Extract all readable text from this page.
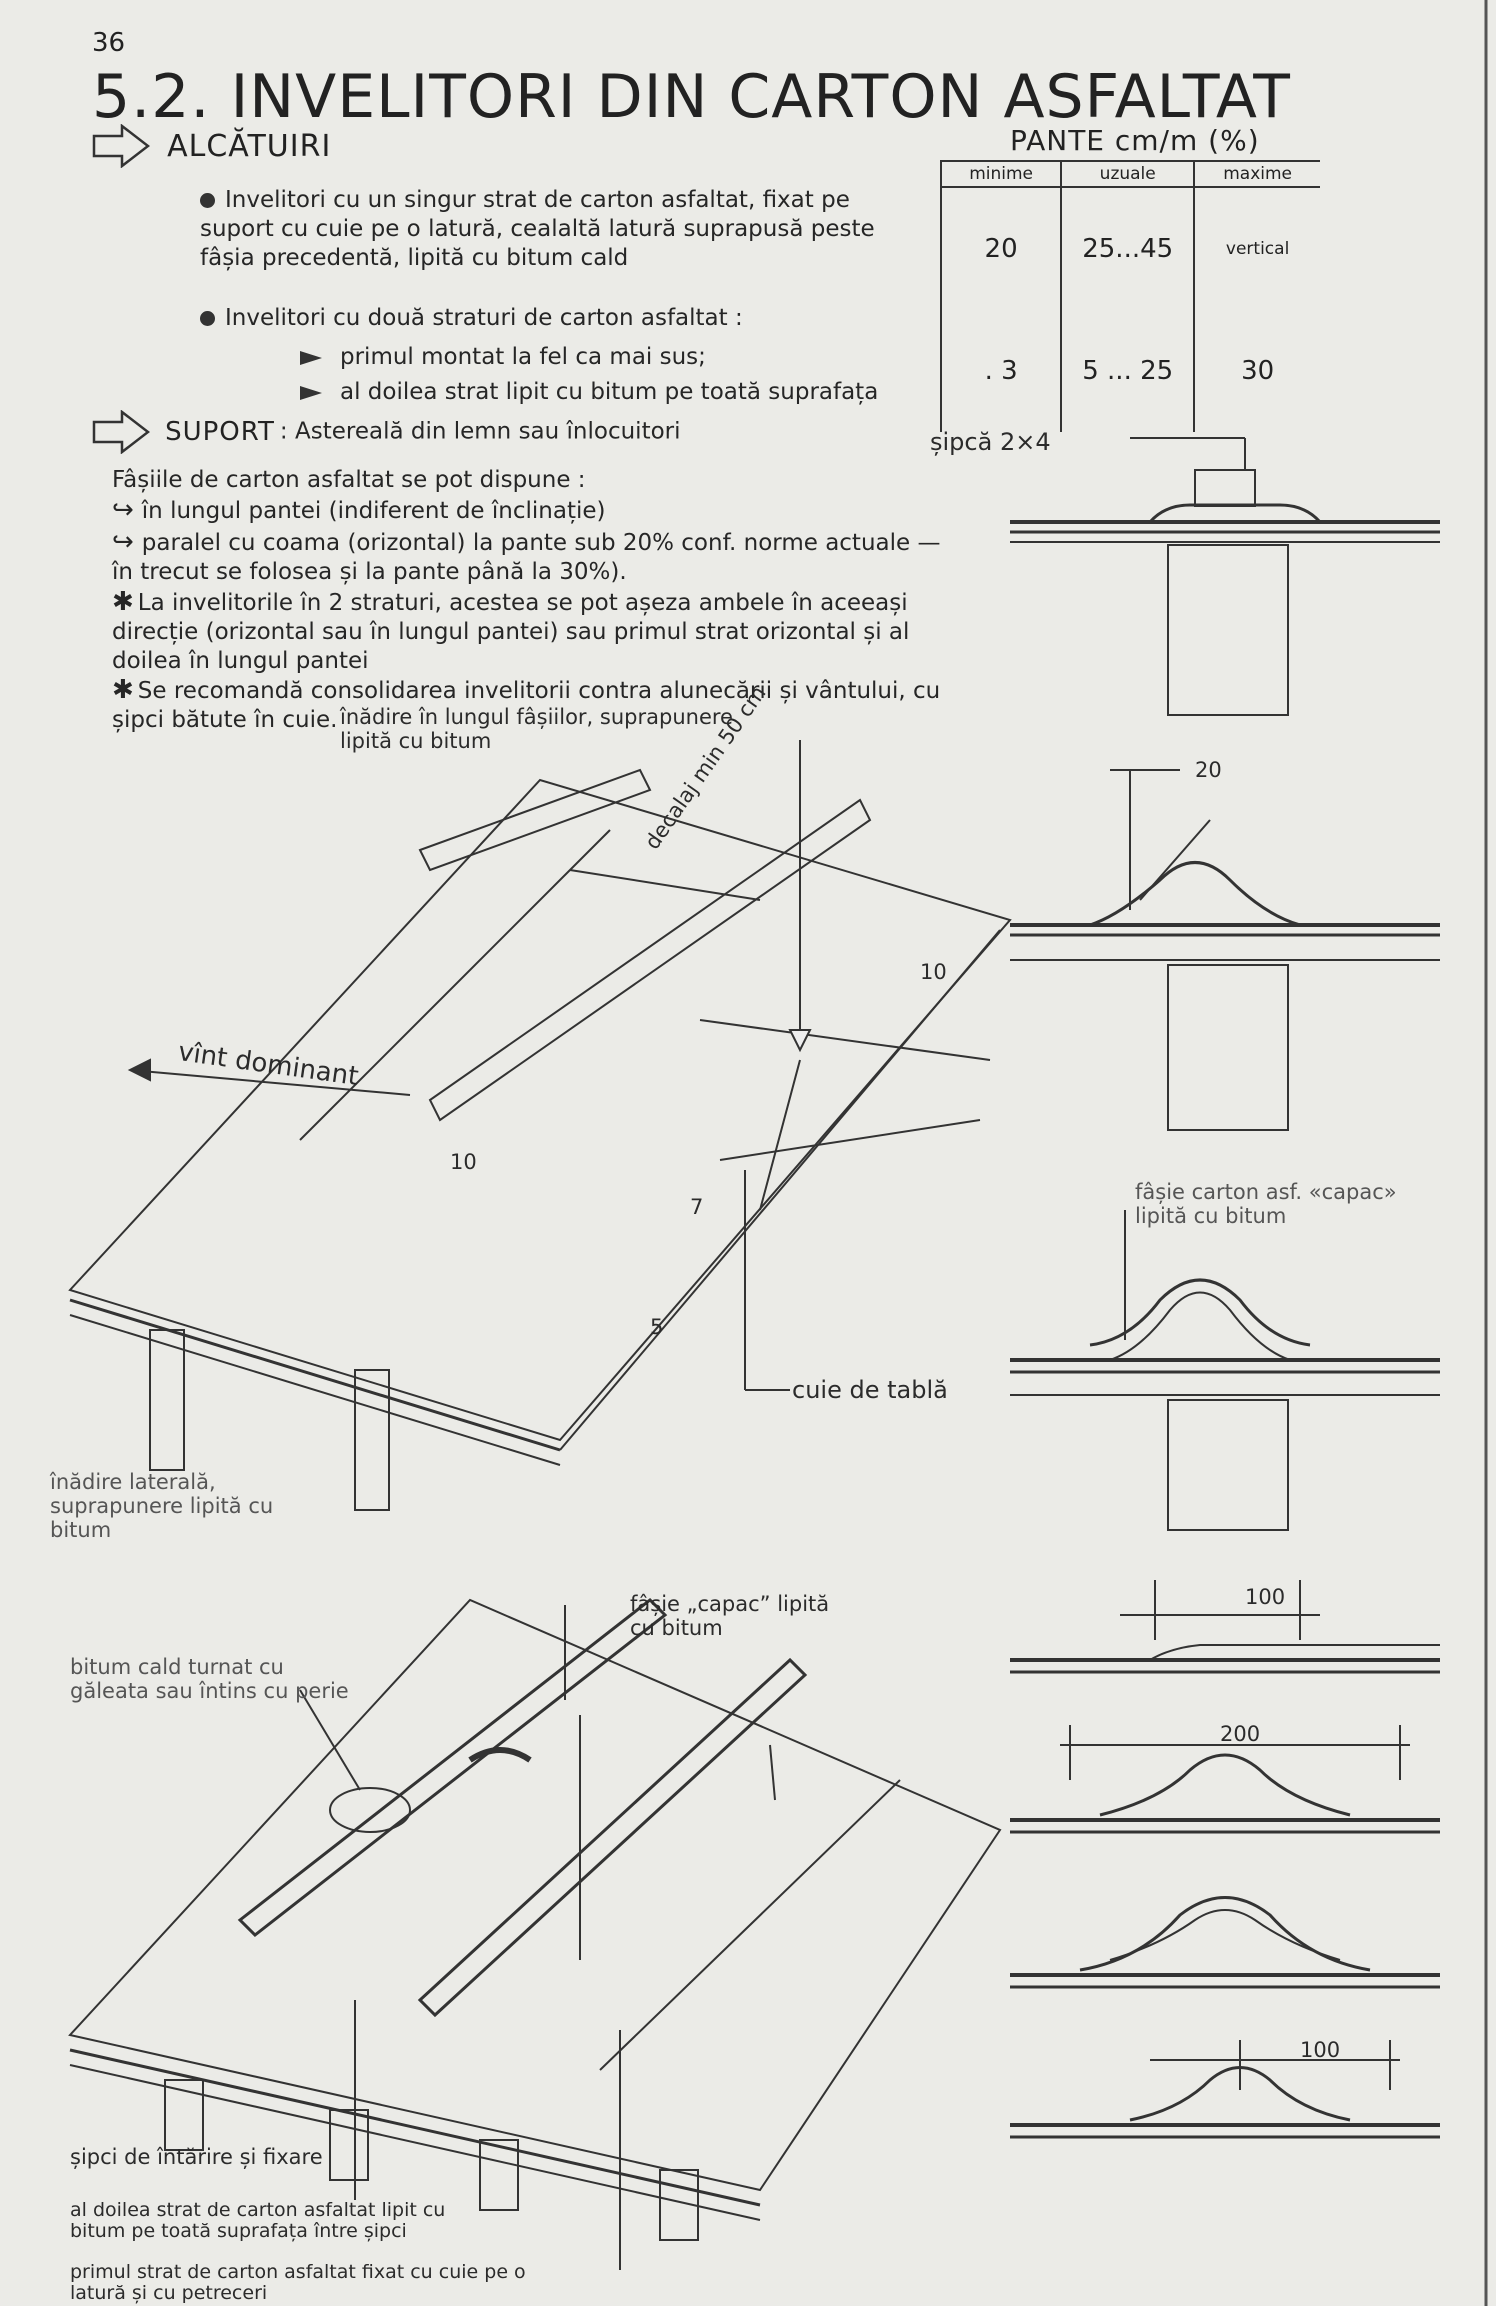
36
5.2. INVELITORI DIN CARTON ASFALTAT
ALCĂTUIRI
Invelitori cu un singur strat de carton asfaltat, fixat pe suport cu cuie pe o latură, cealaltă latură suprapusă peste fâșia precedentă, lipită cu bitum cald
Invelitori cu două straturi de carton asfaltat :
primul montat la fel ca mai sus;
al doilea strat lipit cu bitum pe toată suprafața
PANTE cm/m (%)
minime	uzuale	maxime
20	25...45	vertical
. 3	5 ... 25	30
SUPORT : Astereală din lemn sau înlocuitori	șipcă 2×4
Fâșiile de carton asfaltat se pot dispune :
↪ în lungul pantei (indiferent de înclinație)
↪ paralel cu coama (orizontal) la pante sub 20% conf. norme actuale — în trecut se folosea și la pante până la 30%).
✱ La invelitorile în 2 straturi, acestea se pot așeza ambele în aceeași direcție (orizontal sau în lungul pantei) sau primul strat orizontal și al doilea în lungul pantei
✱ Se recomandă consolidarea invelitorii contra alunecării și vântului, cu șipci bătute în cuie. înădire în lungul fâșiilor, suprapunere lipită cu bitum	decalaj min 50 cm
10
vînt dominant
10
7
5
cuie de tablă
înădire laterală, suprapunere lipită cu bitum
20
fâșie carton asf. «capac» lipită cu bitum
100
200
100
fâșie „capac” lipită cu bitum
bitum cald turnat cu găleata sau întins cu perie
șipci de întărire și fixare
al doilea strat de carton asfaltat lipit cu bitum pe toată suprafața între șipci
primul strat de carton asfaltat fixat cu cuie pe o latură și cu petreceri
